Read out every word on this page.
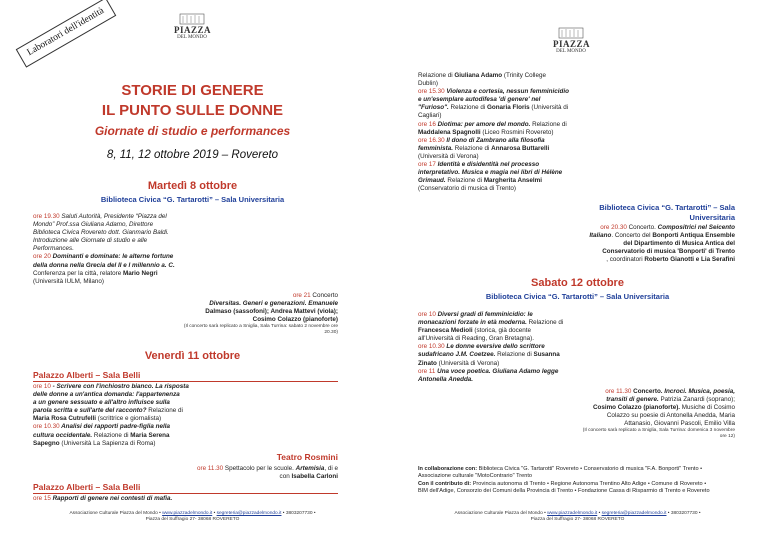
Laboratori dell'identità	PIAZZA
DEL MONDO
STORIE DI GENERE
IL PUNTO SULLE DONNE
Giornate di studio e performances
8, 11, 12 ottobre 2019 – Rovereto
Martedì 8 ottobre
Biblioteca Civica “G. Tartarotti” – Sala Universitaria
ore 19.30 Saluti Autorità, Presidente “Piazza del
Mondo” Prof.ssa Giuliana Adamo, Direttore
Biblioteca Civica Rovereto dott. Gianmario Baldi.
Introduzione alle Giornate di studio e alle
Performances.
ore 20 Dominanti e dominate: le alterne fortune
della donna nella Grecia del II e I millennio a. C.
Conferenza per la città, relatore Mario Negri
(Università IULM, Milano)
ore 21 Concerto
Diversitas. Generi e generazioni. Emanuele
Dalmaso (sassofoni); Andrea Mattevi (viola);
Cosimo Colazzo (pianoforte)
(Il concerto sarà replicato a Sniglia, Sala Turrina: sabato 2 novembre ore
20.30)
Venerdì 11 ottobre
Palazzo Alberti – Sala Belli
ore 10 - Scrivere con l'inchiostro bianco. La risposta
delle donne a un'antica domanda: l'appartenenza
a un genere sessuato e all'altro influisce sulla
parola scritta e sull'arte del racconto? Relazione di
Maria Rosa Cutrufelli (scrittrice e giornalista)
ore 10.30 Analisi dei rapporti padre-figlia nella
cultura occidentale. Relazione di Maria Serena
Sapegno (Università La Sapienza di Roma)
Teatro Rosmini
ore 11.30 Spettacolo per le scuole. Artemisia, di e
con Isabella Carloni
Palazzo Alberti – Sala Belli
ore 15 Rapporti di genere nei contesti di mafia.
Associazione Culturale Piazza del Mondo • www.piazzadelmondo.it • segreteria@piazzadelmondo.it • 3803207730 •
Piazza del Suffragio 27- 38068 ROVERETO
PIAZZA
DEL MONDO
Relazione di Giuliana Adamo (Trinity College
Dublin)
ore 15.30 Violenza e cortesia, nessun femminicidio
e un'esemplare autodifesa 'di genere' nel
"Furioso". Relazione di Gonaria Floris (Università di
Cagliari)
ore 16 Diotima: per amore del mondo. Relazione di
Maddalena Spagnolli (Liceo Rosmini Rovereto)
ore 16.30 Il dono di Zambrano alla filosofia
femminista. Relazione di Annarosa Buttarelli
(Università di Verona)
ore 17 Identità e disidentità nel processo
interpretativo. Musica e magia nei libri di Hélène
Grimaud. Relazione di Margherita Anselmi
(Conservatorio di musica di Trento)
Biblioteca Civica “G. Tartarotti” – Sala
Universitaria
ore 20.30 Concerto. Compositrici nel Seicento
Italiano. Concerto del Bonporti Antiqua Ensemble
del Dipartimento di Musica Antica del
Conservatorio di musica 'Bonporti' di Trento
, coordinatori Roberto Gianotti e Lia Serafini
Sabato 12 ottobre
Biblioteca Civica “G. Tartarotti” – Sala Universitaria
ore 10 Diversi gradi di femminicidio: le
monacazioni forzate in età moderna. Relazione di
Francesca Medioli (storica, già docente
all'Università di Reading, Gran Bretagna).
ore 10.30 Le donne eversive dello scrittore
sudafricano J.M. Coetzee. Relazione di Susanna
Zinato (Università di Verona)
ore 11 Una voce poetica. Giuliana Adamo legge
Antonella Anedda.
ore 11.30 Concerto. Incroci. Musica, poesia,
transiti di genere. Patrizia Zanardi (soprano);
Cosimo Colazzo (pianoforte). Musiche di Cosimo
Colazzo su poesie di Antonella Anedda, Maria
Attanasio, Giovanni Pascoli, Emilio Villa
(Il concerto sarà replicato a Sniglia, Sala Turrina: domenica 3 novembre
ore 12)
In collaborazione con: Biblioteca Civica "G. Tartarotti" Rovereto • Conservatorio di musica "F.A. Bonporti" Trento •
Associazione culturale "MotoContrario" Trento
Con il contributo di: Provincia autonoma di Trento • Regione Autonoma Trentino Alto Adige • Comune di Rovereto •
BIM dell'Adige, Consorzio dei Comuni della Provincia di Trento • Fondazione Cassa di Risparmio di Trento e Rovereto
Associazione Culturale Piazza del Mondo • www.piazzadelmondo.it • segreteria@piazzadelmondo.it • 3803207730 •
Piazza del Suffragio 27- 38068 ROVERETO
